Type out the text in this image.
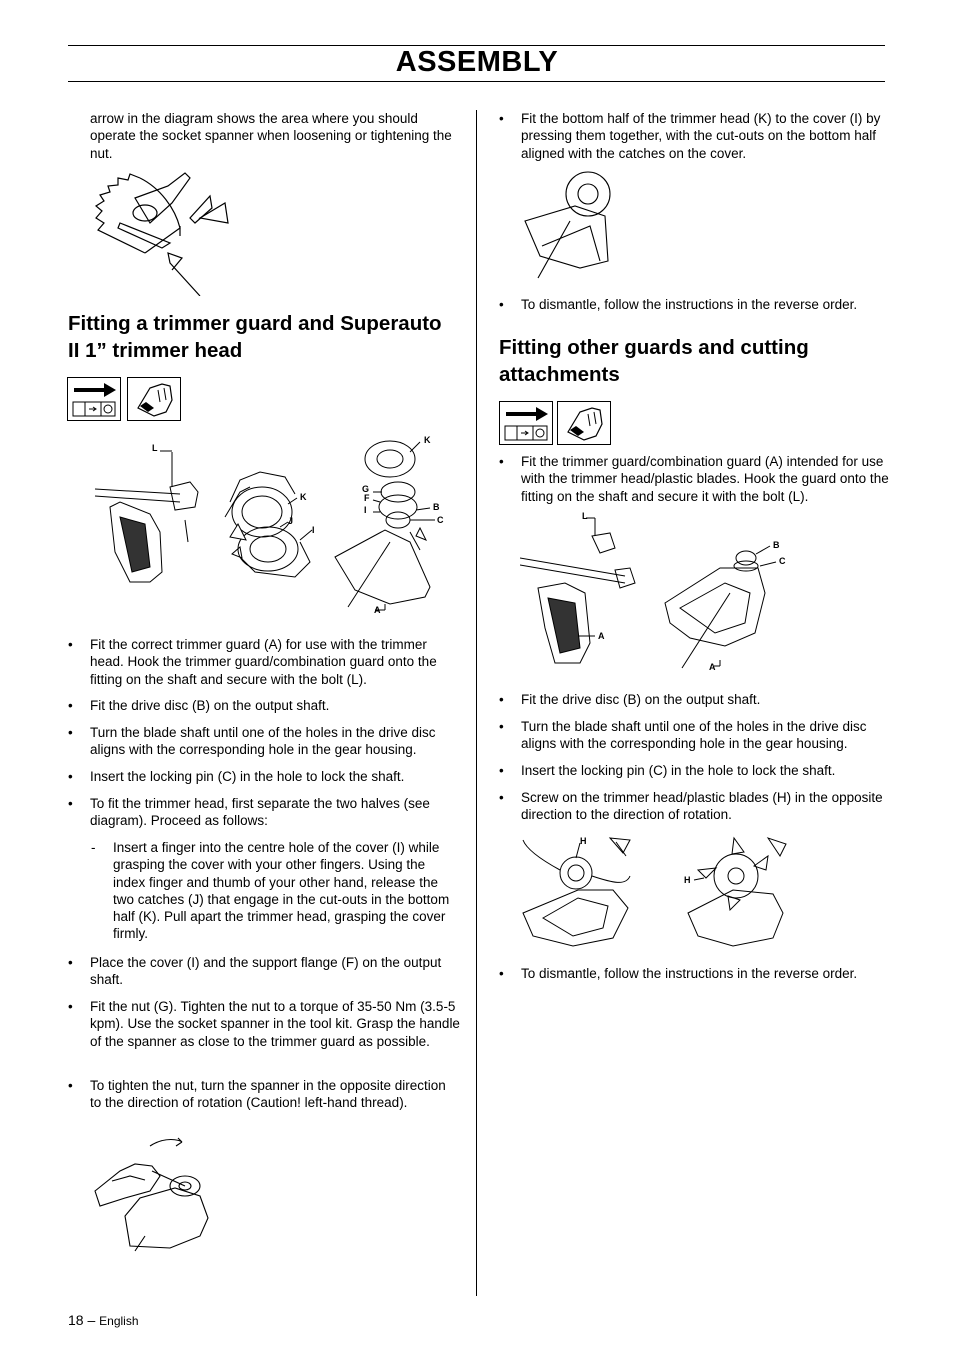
ASSEMBLY
arrow in the diagram shows the area where you should operate the socket spanner when loosening or tightening the nut.
Fitting a trimmer guard and Superauto II 1” trimmer head
L
K
J
I
K
G
F
I	B
C
A
• Fit the correct trimmer guard (A) for use with the trimmer head. Hook the trimmer guard/combination guard onto the fitting on the shaft and secure with the bolt (L).
• Fit the drive disc (B) on the output shaft.
• Turn the blade shaft until one of the holes in the drive disc aligns with the corresponding hole in the gear housing.
• Insert the locking pin (C) in the hole to lock the shaft.
• To fit the trimmer head, first separate the two halves (see diagram). Proceed as follows:
- Insert a finger into the centre hole of the cover (I) while grasping the cover with your other fingers. Using the index finger and thumb of your other hand, release the two catches (J) that engage in the cut-outs in the bottom half (K). Pull apart the trimmer head, grasping the cover firmly.
• Place the cover (I) and the support flange (F) on the output shaft.
• Fit the nut (G). Tighten the nut to a torque of 35-50 Nm (3.5-5 kpm). Use the socket spanner in the tool kit. Grasp the handle of the spanner as close to the trimmer guard as possible.
• To tighten the nut, turn the spanner in the opposite direction to the direction of rotation (Caution! left-hand thread).
• Fit the bottom half of the trimmer head (K) to the cover (I) by pressing them together, with the cut-outs on the bottom half aligned with the catches on the cover.
• To dismantle, follow the instructions in the reverse order.
Fitting other guards and cutting attachments
• Fit the trimmer guard/combination guard (A) intended for use with the trimmer head/plastic blades. Hook the guard onto the fitting on the shaft and secure it with the bolt (L).
L
B
C
A
A
• Fit the drive disc (B) on the output shaft.
• Turn the blade shaft until one of the holes in the drive disc aligns with the corresponding hole in the gear housing.
• Insert the locking pin (C) in the hole to lock the shaft.
• Screw on the trimmer head/plastic blades (H) in the opposite direction to the direction of rotation.
H
H
• To dismantle, follow the instructions in the reverse order.
18 – English
